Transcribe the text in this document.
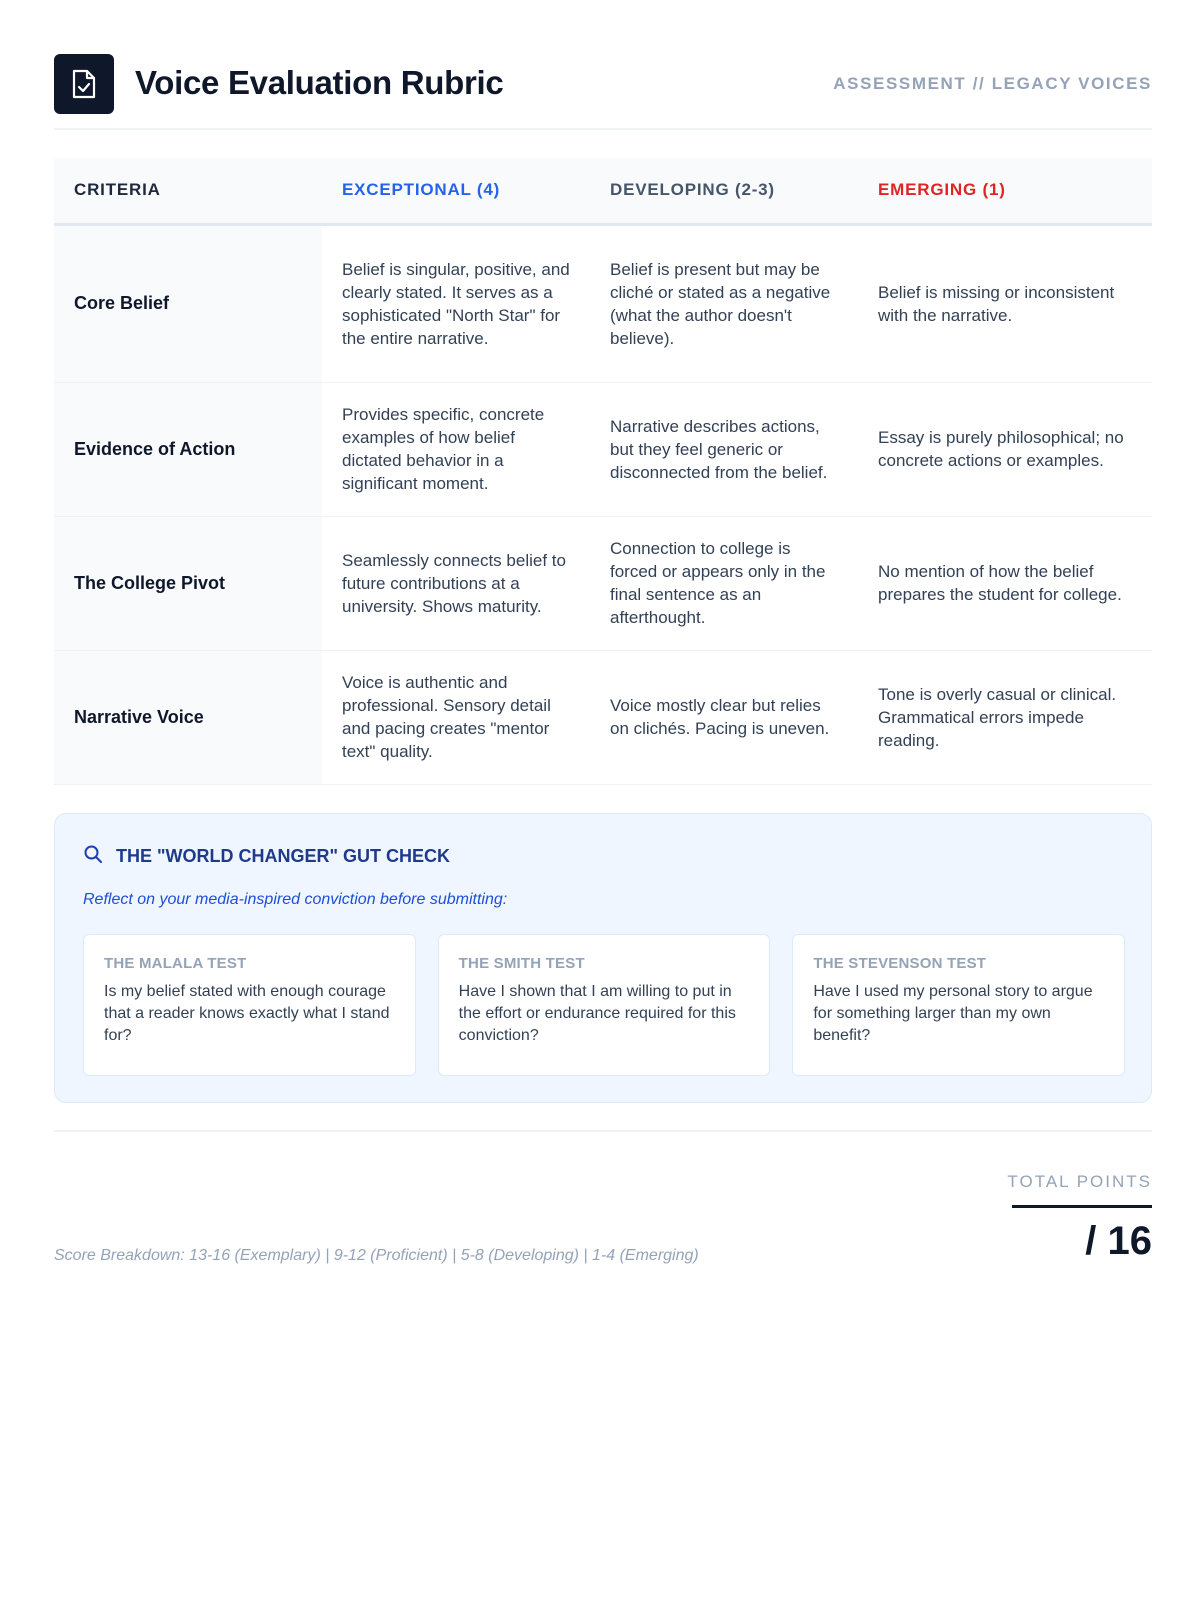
Voice Evaluation Rubric	ASSESSMENT // LEGACY VOICES
CRITERIA	EXCEPTIONAL (4)	DEVELOPING (2-3)	EMERGING (1)
Core Belief	Belief is singular, positive, and clearly stated. It serves as a sophisticated "North Star" for the entire narrative.	Belief is present but may be cliché or stated as a negative (what the author doesn't believe).	Belief is missing or inconsistent with the narrative.
Evidence of Action	Provides specific, concrete examples of how belief dictated behavior in a significant moment.	Narrative describes actions, but they feel generic or disconnected from the belief.	Essay is purely philosophical; no concrete actions or examples.
The College Pivot	Seamlessly connects belief to future contributions at a university. Shows maturity.	Connection to college is forced or appears only in the final sentence as an afterthought.	No mention of how the belief prepares the student for college.
Narrative Voice	Voice is authentic and professional. Sensory detail and pacing creates "mentor text" quality.	Voice mostly clear but relies on clichés. Pacing is uneven.	Tone is overly casual or clinical. Grammatical errors impede reading.
THE "WORLD CHANGER" GUT CHECK
Reflect on your media-inspired conviction before submitting:
THE MALALA TEST
Is my belief stated with enough courage that a reader knows exactly what I stand for?
THE SMITH TEST
Have I shown that I am willing to put in the effort or endurance required for this conviction?
THE STEVENSON TEST
Have I used my personal story to argue for something larger than my own benefit?
Score Breakdown: 13-16 (Exemplary) | 9-12 (Proficient) | 5-8 (Developing) | 1-4 (Emerging)
TOTAL POINTS
/ 16
